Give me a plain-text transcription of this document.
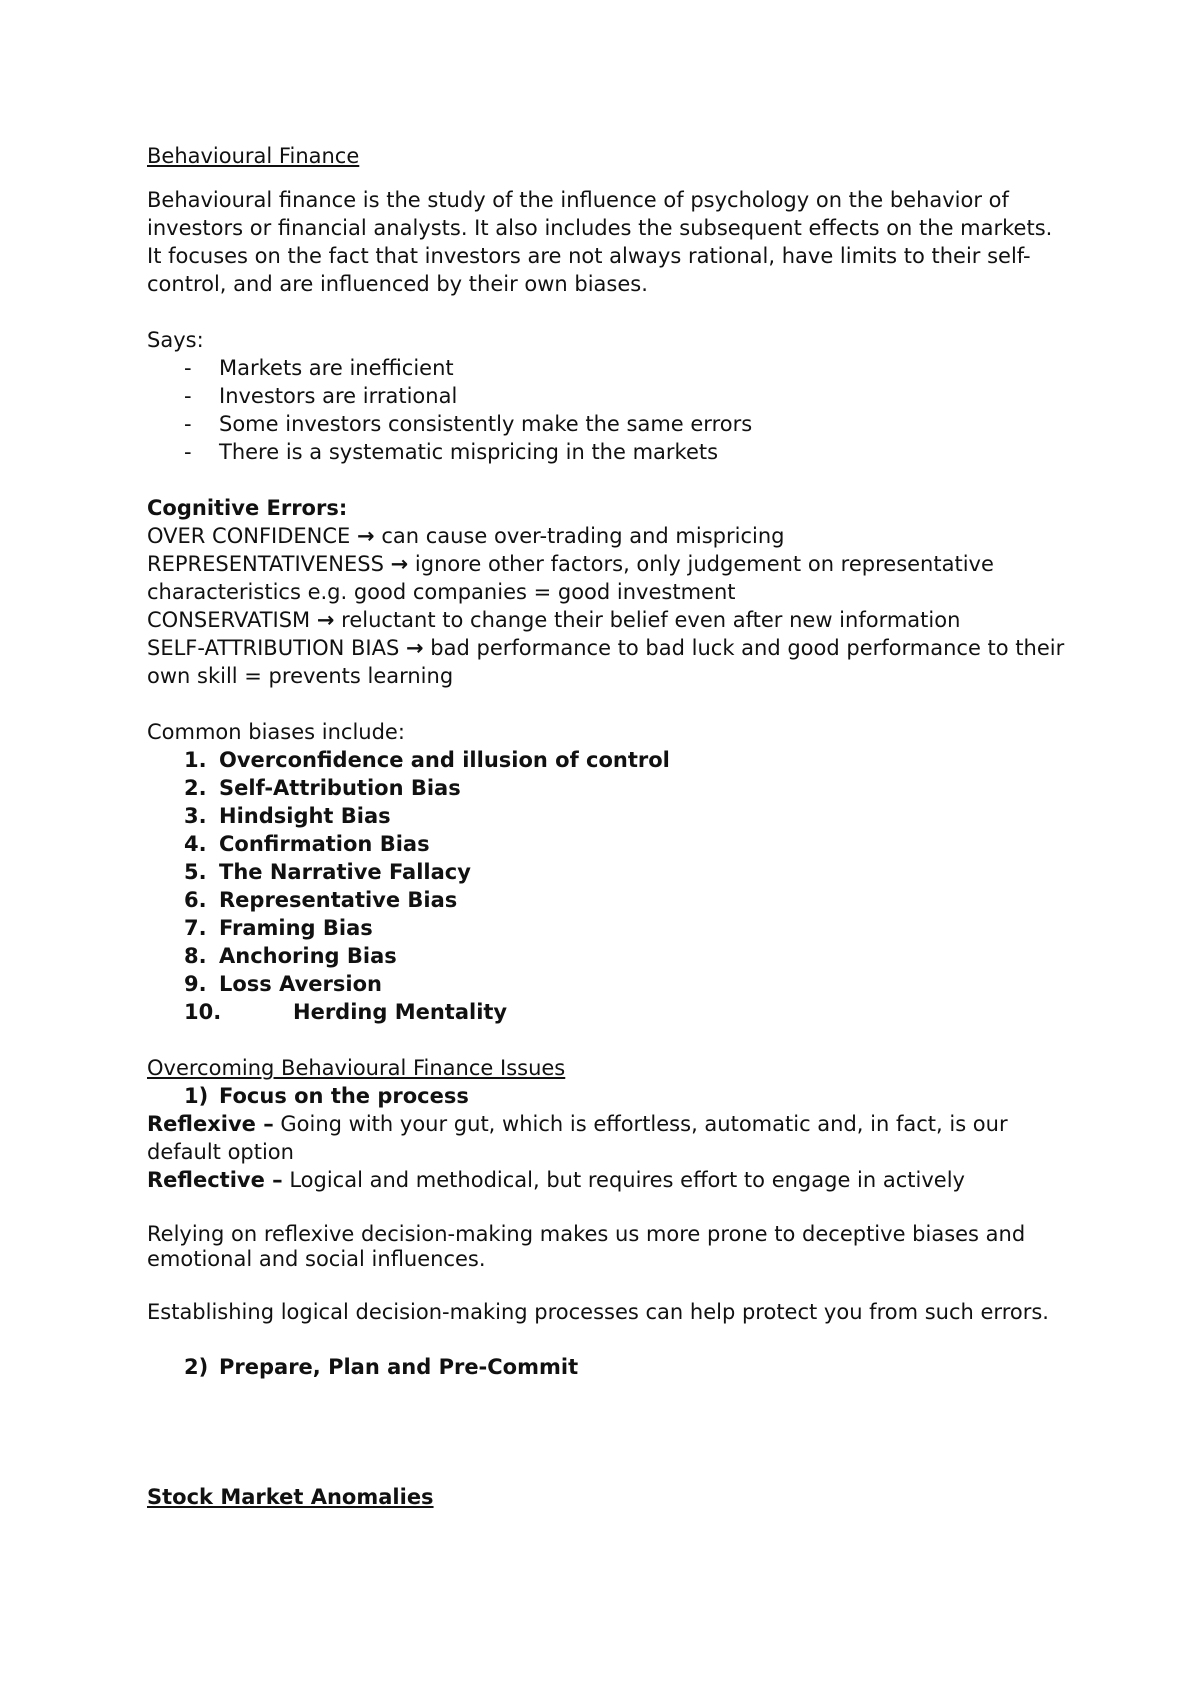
Behavioural Finance

Behavioural finance is the study of the influence of psychology on the behavior of investors or financial analysts. It also includes the subsequent effects on the markets. It focuses on the fact that investors are not always rational, have limits to their self-control, and are influenced by their own biases.

Says:

- Markets are inefficient
- Investors are irrational
- Some investors consistently make the same errors
- There is a systematic mispricing in the markets

Cognitive Errors:

OVER CONFIDENCE → can cause over-trading and mispricing

REPRESENTATIVENESS → ignore other factors, only judgement on representative characteristics e.g. good companies = good investment

CONSERVATISM → reluctant to change their belief even after new information

SELF-ATTRIBUTION BIAS → bad performance to bad luck and good performance to their own skill = prevents learning

Common biases include:

1. Overconfidence and illusion of control
2. Self-Attribution Bias
3. Hindsight Bias
4. Confirmation Bias
5. The Narrative Fallacy
6. Representative Bias
7. Framing Bias
8. Anchoring Bias
9. Loss Aversion
10.	Herding Mentality
Overcoming Behavioural Finance Issues

1) Focus on the process

Reflexive – Going with your gut, which is effortless, automatic and, in fact, is our default option

Reflective – Logical and methodical, but requires effort to engage in actively

Relying on reflexive decision-making makes us more prone to deceptive biases and emotional and social influences.

Establishing logical decision-making processes can help protect you from such errors.

2) Prepare, Plan and Pre-Commit

Stock Market Anomalies
